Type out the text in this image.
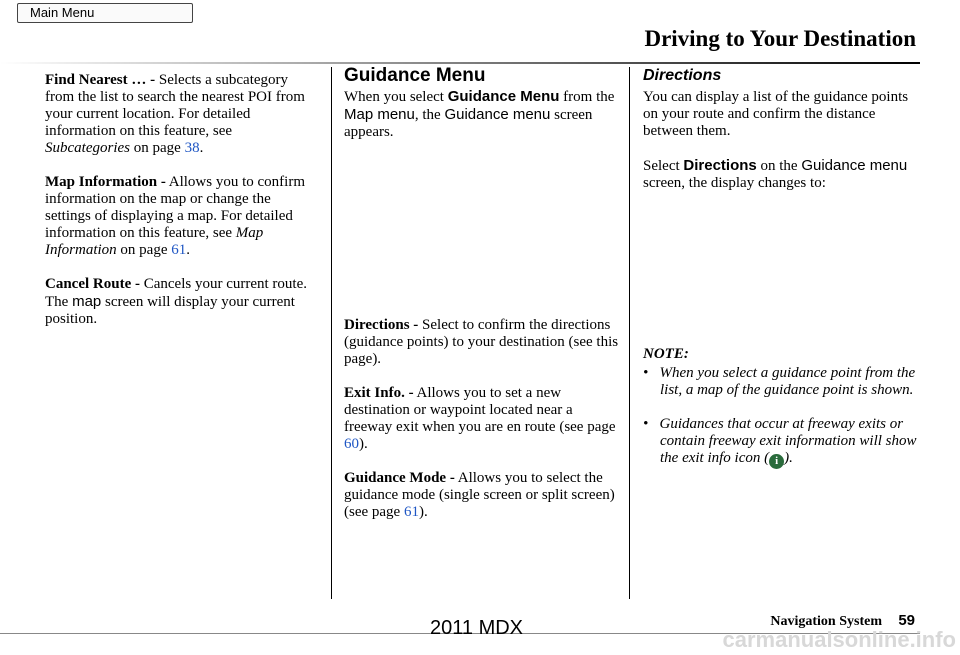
Main Menu
Driving to Your Destination

Find Nearest … - Selects a subcategory from the list to search the nearest POI from your current location. For detailed information on this feature, see Subcategories on page 38.

Map Information - Allows you to confirm information on the map or change the settings of displaying a map. For detailed information on this feature, see Map Information on page 61.

Cancel Route - Cancels your current route. The map screen will display your current position.

Guidance Menu

When you select Guidance Menu from the Map menu, the Guidance menu screen appears.

Directions - Select to confirm the directions (guidance points) to your destination (see this page).

Exit Info. - Allows you to set a new destination or waypoint located near a freeway exit when you are en route (see page 60).

Guidance Mode - Allows you to select the guidance mode (single screen or split screen) (see page 61).

Directions

You can display a list of the guidance points on your route and confirm the distance between them.

Select Directions on the Guidance menu screen, the display changes to:

NOTE:

•   When you select a guidance point from the list, a map of the guidance point is shown.
•   Guidances that occur at freeway exits or contain freeway exit information will show the exit info icon ( i ).
Navigation System 59
2011 MDX	carmanualsonline.info
